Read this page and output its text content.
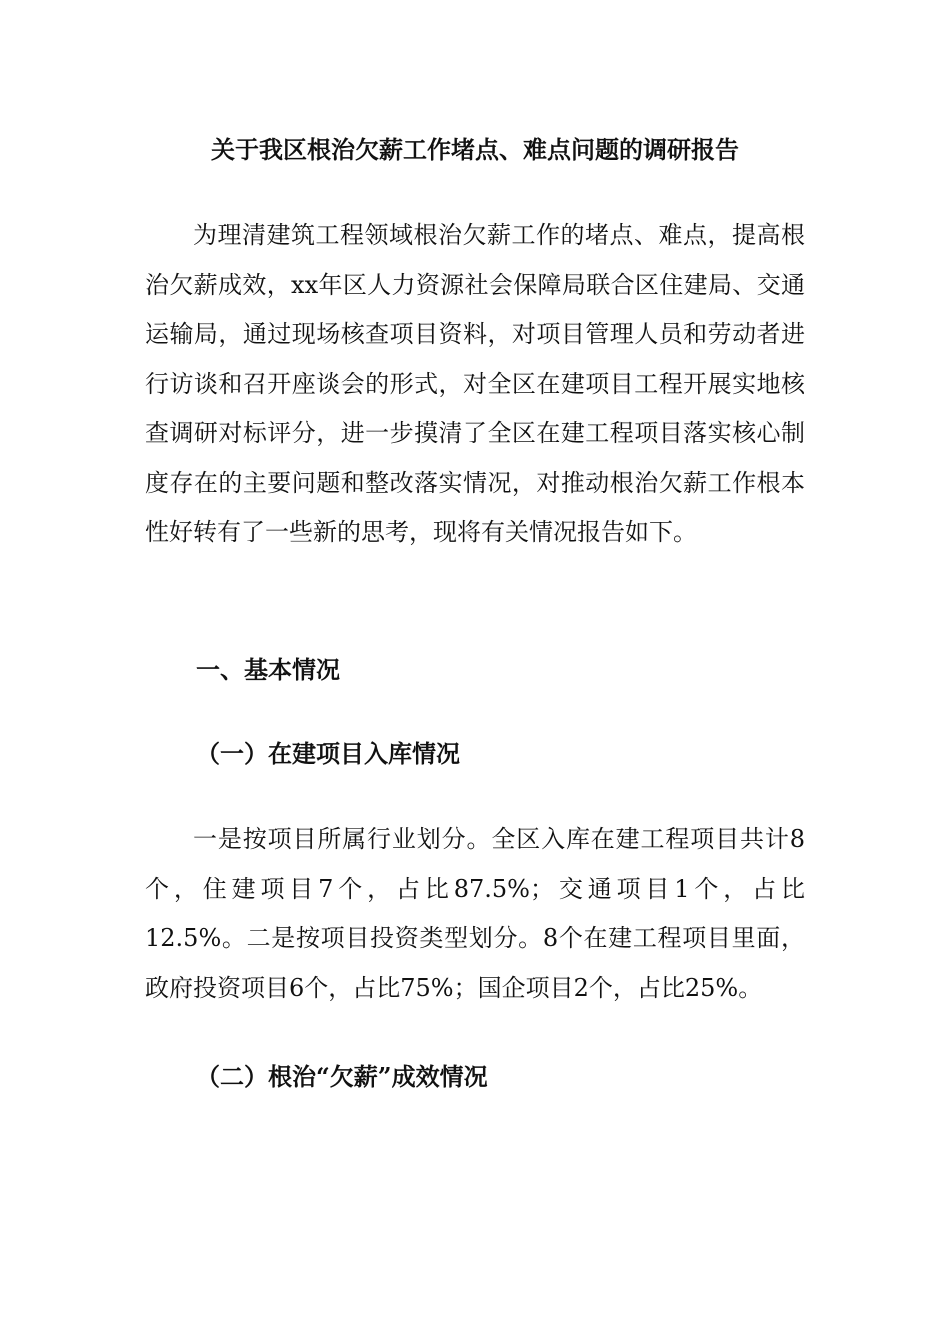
关于我区根治欠薪工作堵点、难点问题的调研报告

为理清建筑工程领域根治欠薪工作的堵点、难点，提高根治欠薪成效，xx年区人力资源社会保障局联合区住建局、交通运输局，通过现场核查项目资料，对项目管理人员和劳动者进行访谈和召开座谈会的形式，对全区在建项目工程开展实地核查调研对标评分，进一步摸清了全区在建工程项目落实核心制度存在的主要问题和整改落实情况，对推动根治欠薪工作根本性好转有了一些新的思考，现将有关情况报告如下。

一、基本情况
（一）在建项目入库情况

一是按项目所属行业划分。全区入库在建工程项目共计8个，住建项目7个，占比87.5%；交通项目1个，占比12.5%。二是按项目投资类型划分。8个在建工程项目里面，政府投资项目6个，占比75%；国企项目2个，占比25%。

（二）根治“欠薪”成效情况
